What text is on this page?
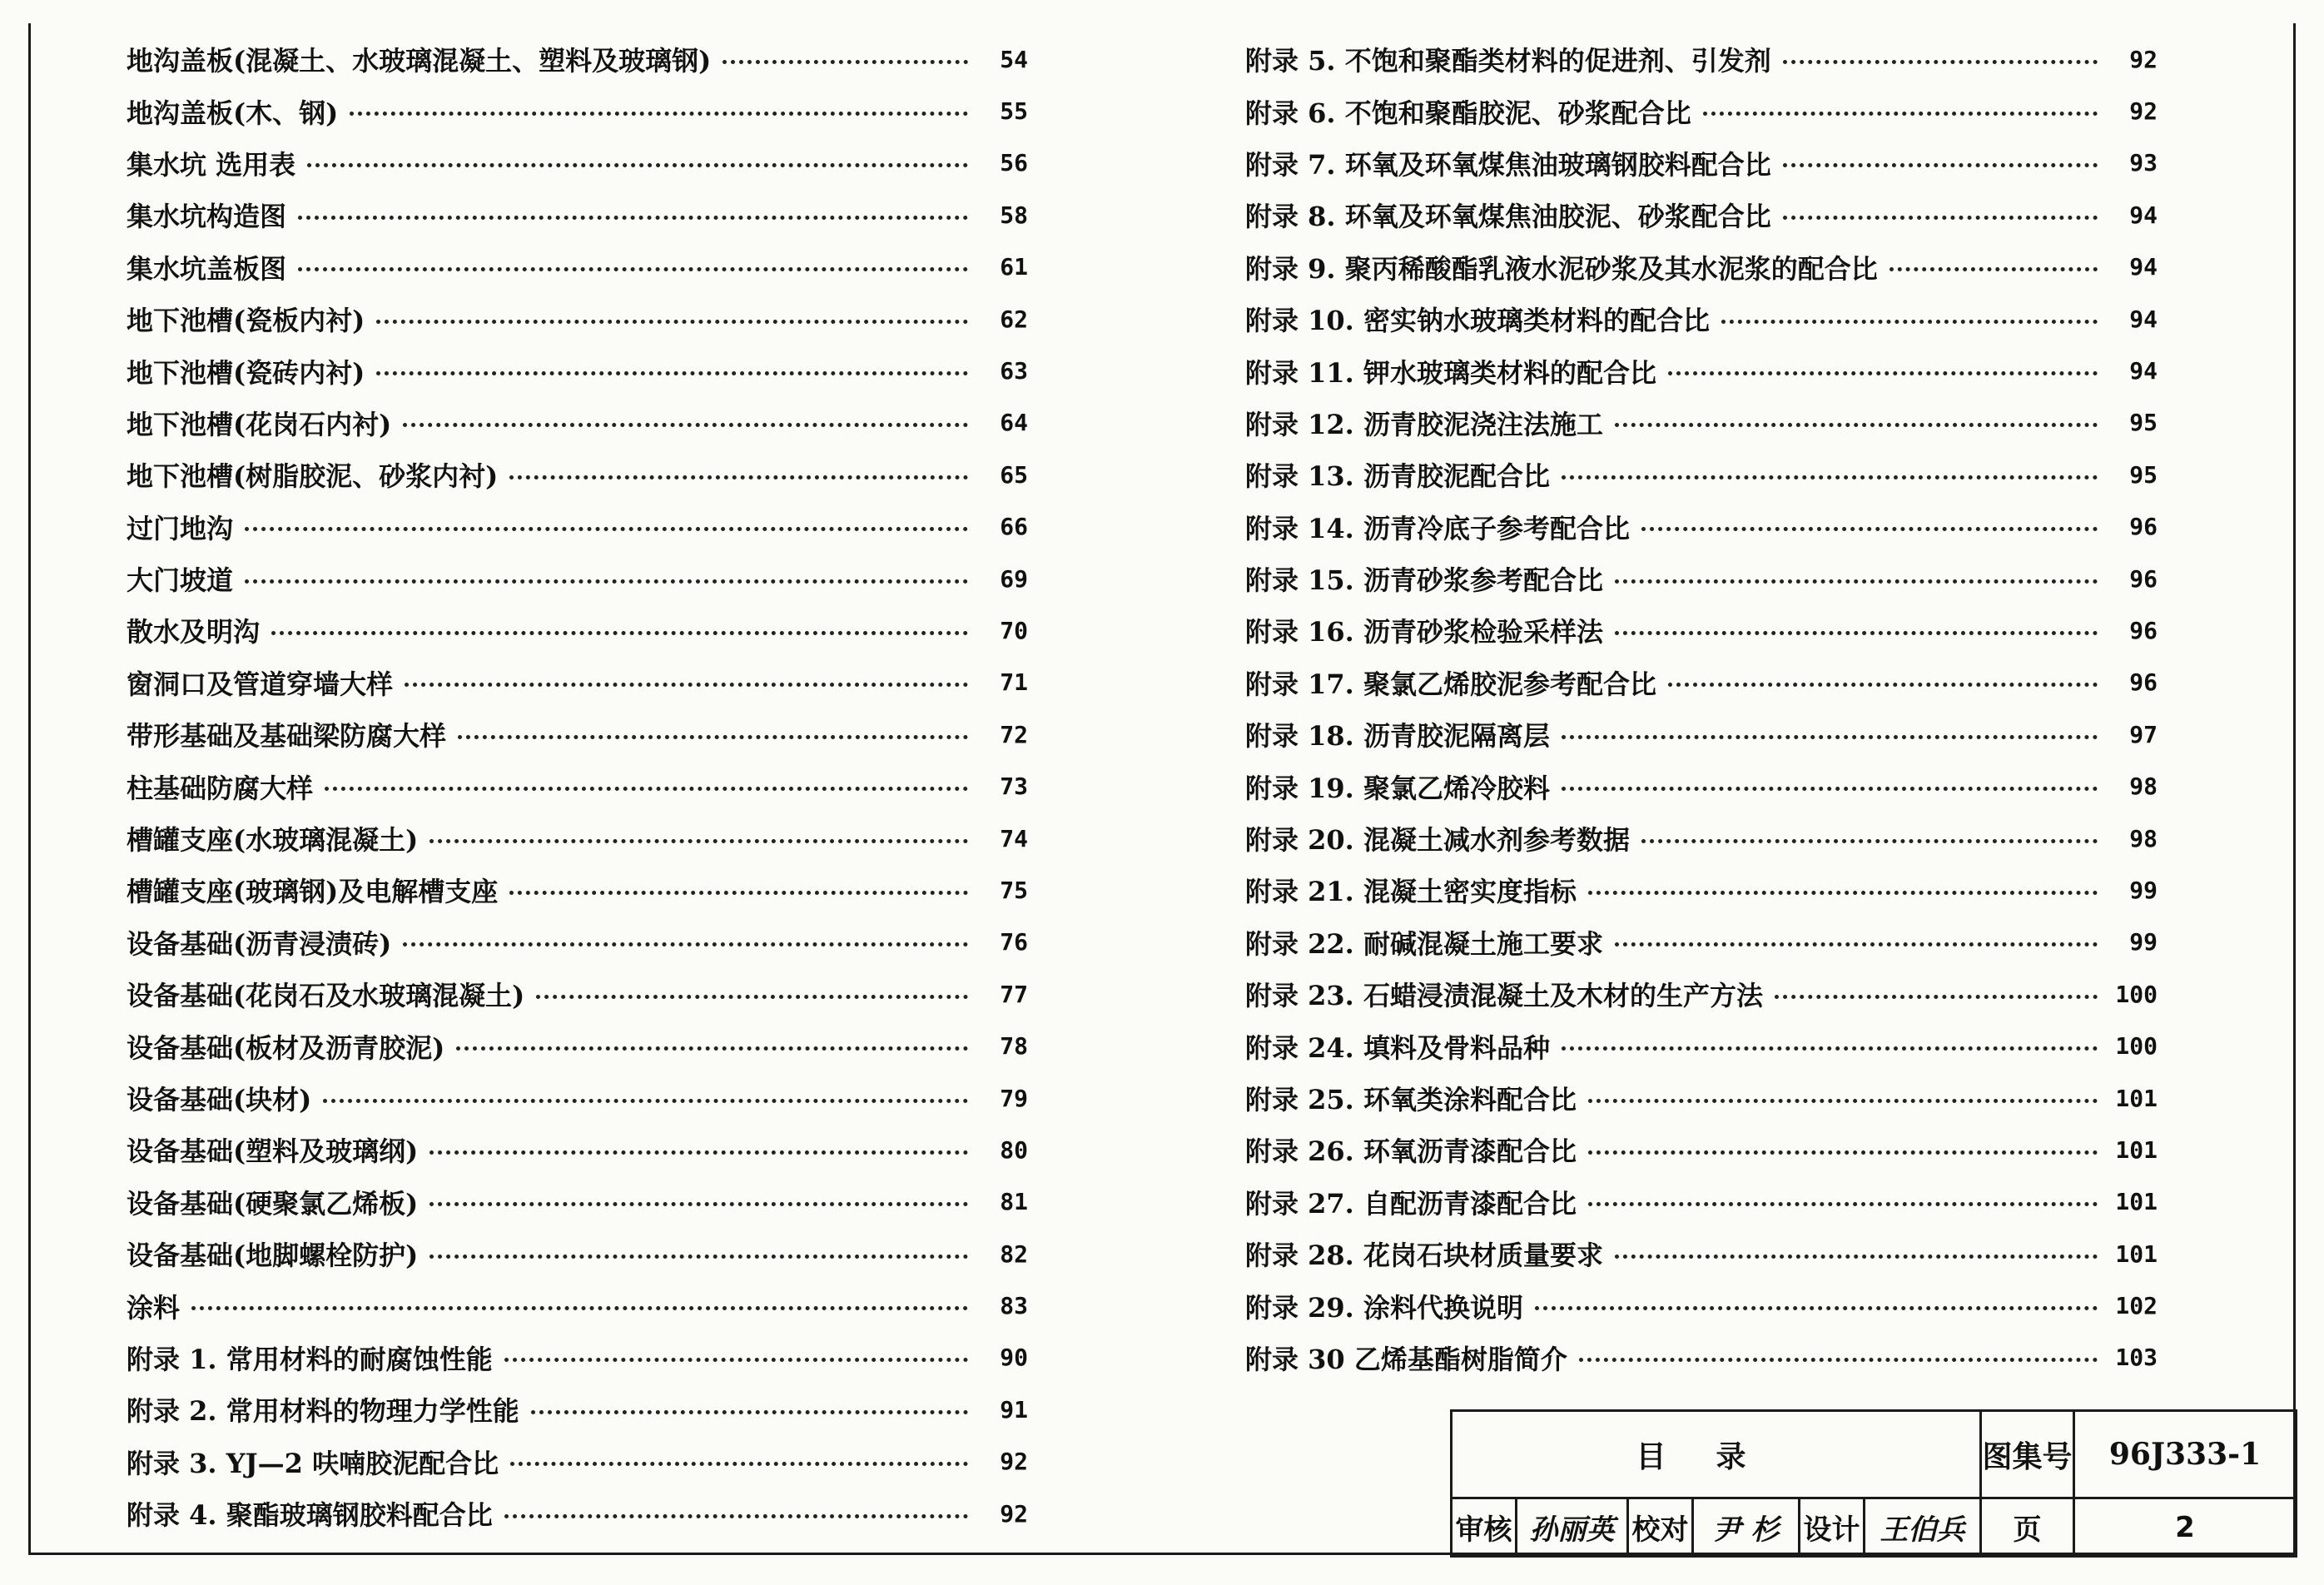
地沟盖板(混凝土、水玻璃混凝土、塑料及玻璃钢)	54
地沟盖板(木、钢)	55
集水坑 选用表	56
集水坑构造图	58
集水坑盖板图	61
地下池槽(瓷板内衬)	62
地下池槽(瓷砖内衬)	63
地下池槽(花岗石内衬)	64
地下池槽(树脂胶泥、砂浆内衬)	65
过门地沟	66
大门坡道	69
散水及明沟	70
窗洞口及管道穿墙大样	71
带形基础及基础梁防腐大样	72
柱基础防腐大样	73
槽罐支座(水玻璃混凝土)	74
槽罐支座(玻璃钢)及电解槽支座	75
设备基础(沥青浸渍砖)	76
设备基础(花岗石及水玻璃混凝土)	77
设备基础(板材及沥青胶泥)	78
设备基础(块材)	79
设备基础(塑料及玻璃纲)	80
设备基础(硬聚氯乙烯板)	81
设备基础(地脚螺栓防护)	82
涂料	83
附录 1. 常用材料的耐腐蚀性能	90
附录 2. 常用材料的物理力学性能	91
附录 3. YJ—2 呋喃胶泥配合比	92
附录 4. 聚酯玻璃钢胶料配合比	92
附录 5. 不饱和聚酯类材料的促进剂、引发剂	92
附录 6. 不饱和聚酯胶泥、砂浆配合比	92
附录 7. 环氧及环氧煤焦油玻璃钢胶料配合比	93
附录 8. 环氧及环氧煤焦油胶泥、砂浆配合比	94
附录 9. 聚丙稀酸酯乳液水泥砂浆及其水泥浆的配合比	94
附录 10. 密实钠水玻璃类材料的配合比	94
附录 11. 钾水玻璃类材料的配合比	94
附录 12. 沥青胶泥浇注法施工	95
附录 13. 沥青胶泥配合比	95
附录 14. 沥青冷底子参考配合比	96
附录 15. 沥青砂浆参考配合比	96
附录 16. 沥青砂浆检验采样法	96
附录 17. 聚氯乙烯胶泥参考配合比	96
附录 18. 沥青胶泥隔离层	97
附录 19. 聚氯乙烯冷胶料	98
附录 20. 混凝土减水剂参考数据	98
附录 21. 混凝土密实度指标	99
附录 22. 耐碱混凝土施工要求	99
附录 23. 石蜡浸渍混凝土及木材的生产方法	100
附录 24. 填料及骨料品种	100
附录 25. 环氧类涂料配合比	101
附录 26. 环氧沥青漆配合比	101
附录 27. 自配沥青漆配合比	101
附录 28. 花岗石块材质量要求	101
附录 29. 涂料代换说明	102
附录 30 乙烯基酯树脂简介	103
目录						图集号	96J333-1
审核	孙丽英	校对	尹 杉	设计	王伯兵	页	2
